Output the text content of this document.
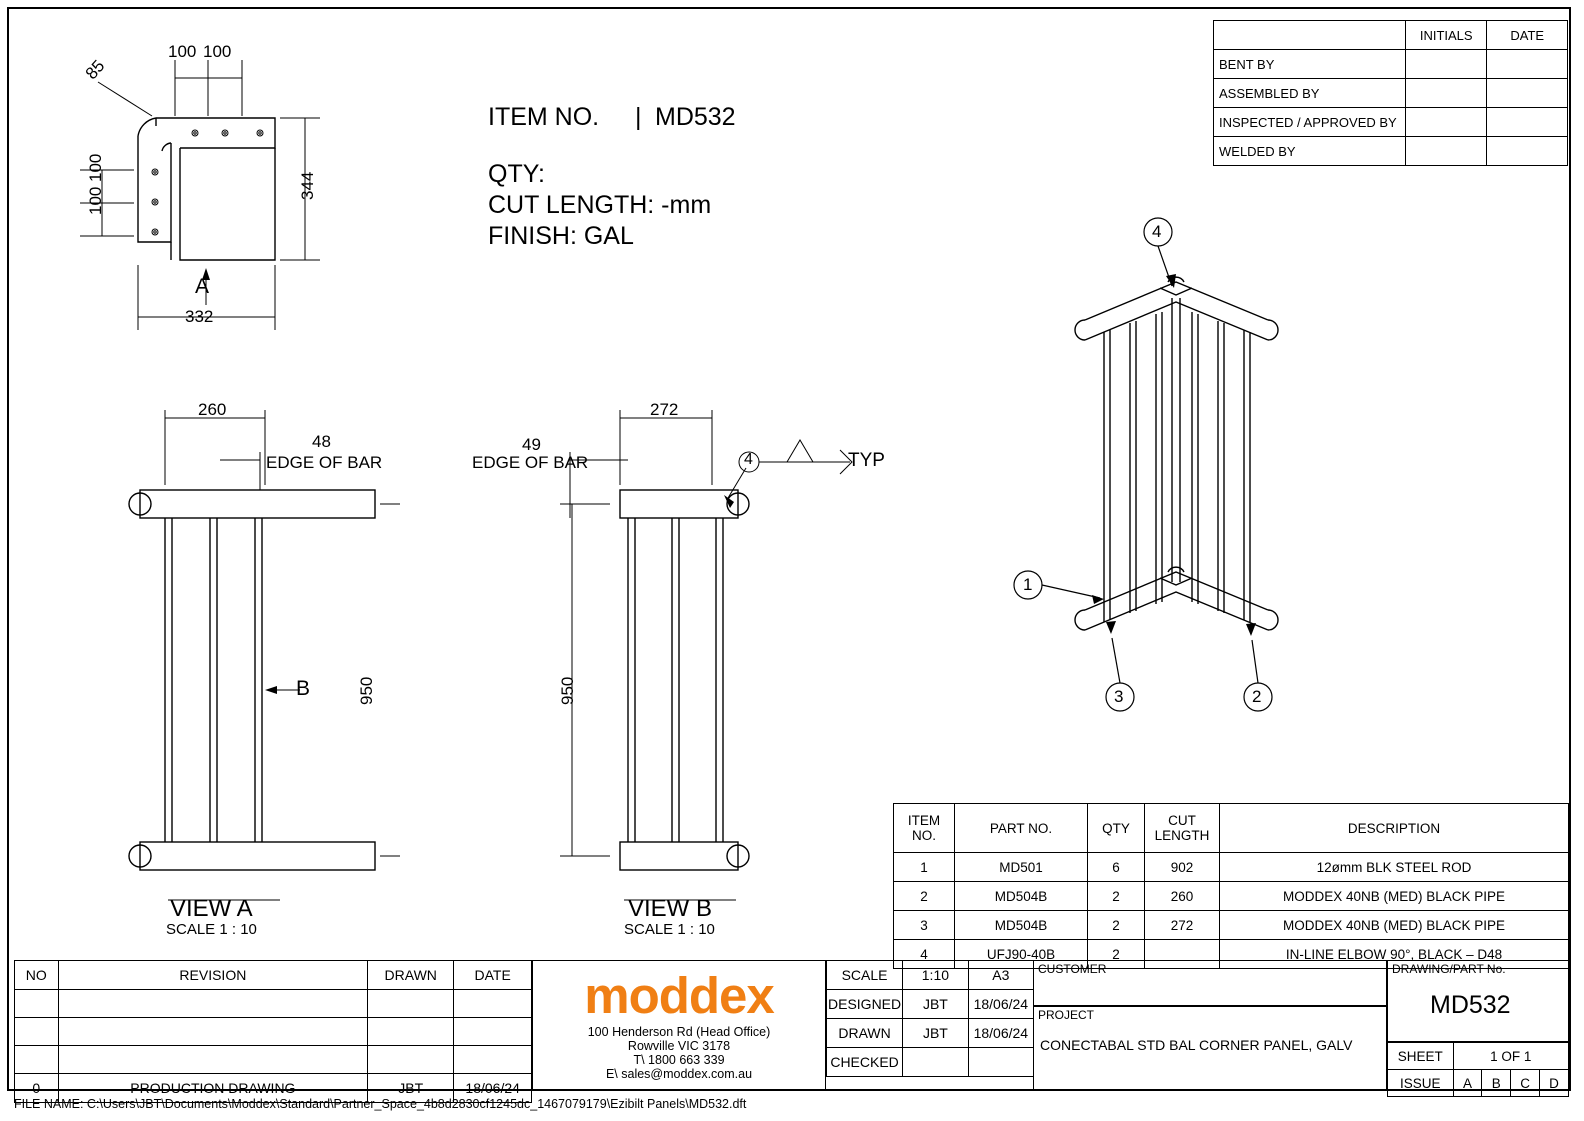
100 100
85
100
100
344
332
A
ITEM NO. | MD532
QTY:
CUT LENGTH: -mm
FINISH: GAL
	INITIALS	DATE
BENT BY		
ASSEMBLED BY		
INSPECTED / APPROVED BY		
WELDED BY		
260
48
EDGE OF BAR
950
B
VIEW A
SCALE 1 : 10
272
49
EDGE OF BAR
950
4	TYP
VIEW B
SCALE 1 : 10
4
1
3	2
ITEM NO.	PART NO.	QTY	CUT LENGTH	DESCRIPTION
1	MD501	6	902	12ømm BLK STEEL ROD
2	MD504B	2	260	MODDEX 40NB (MED) BLACK PIPE
3	MD504B	2	272	MODDEX 40NB (MED) BLACK PIPE
4	UFJ90-40B	2		IN-LINE ELBOW 90°, BLACK – D48
NO	REVISION	DRAWN	DATE

0	PRODUCTION DRAWING	JBT	18/06/24
moddex
100 Henderson Rd (Head Office)
Rowville VIC 3178
T\ 1800 663 339
E\ sales@moddex.com.au
SCALE	1:10	A3
DESIGNED	JBT	18/06/24
DRAWN	JBT	18/06/24
CHECKED		
CUSTOMER
PROJECT
CONECTABAL STD BAL CORNER PANEL, GALV
DRAWING/PART No.
MD532
SHEET	1 OF 1			
ISSUE	A	B	C	D
FILE NAME: C:\Users\JBT\Documents\Moddex\Standard\Partner_Space_4b8d2830cf1245dc_1467079179\Ezibilt Panels\MD532.dft
